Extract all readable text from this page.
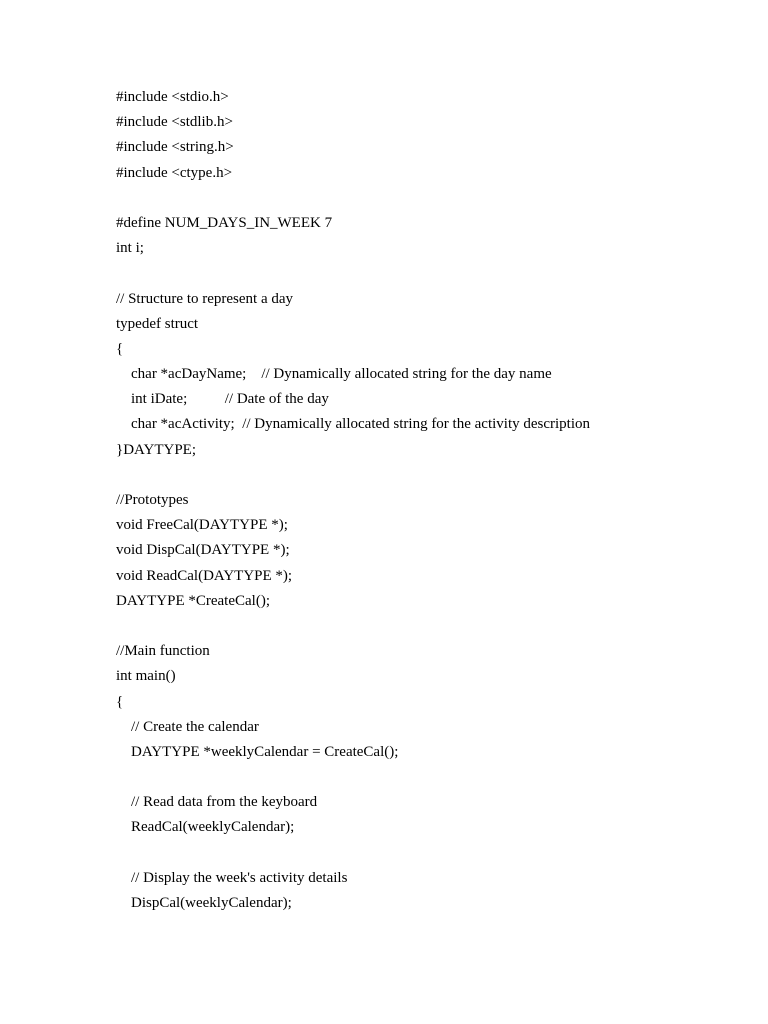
#include <stdio.h>
#include <stdlib.h>
#include <string.h>
#include <ctype.h>
#define NUM_DAYS_IN_WEEK 7
int i;
// Structure to represent a day
typedef struct
{
char *acDayName;    // Dynamically allocated string for the day name
int iDate;          // Date of the day
char *acActivity;  // Dynamically allocated string for the activity description
}DAYTYPE;
//Prototypes
void FreeCal(DAYTYPE *);
void DispCal(DAYTYPE *);
void ReadCal(DAYTYPE *);
DAYTYPE *CreateCal();
//Main function
int main()
{
// Create the calendar
DAYTYPE *weeklyCalendar = CreateCal();
// Read data from the keyboard
ReadCal(weeklyCalendar);
// Display the week's activity details
DispCal(weeklyCalendar);
